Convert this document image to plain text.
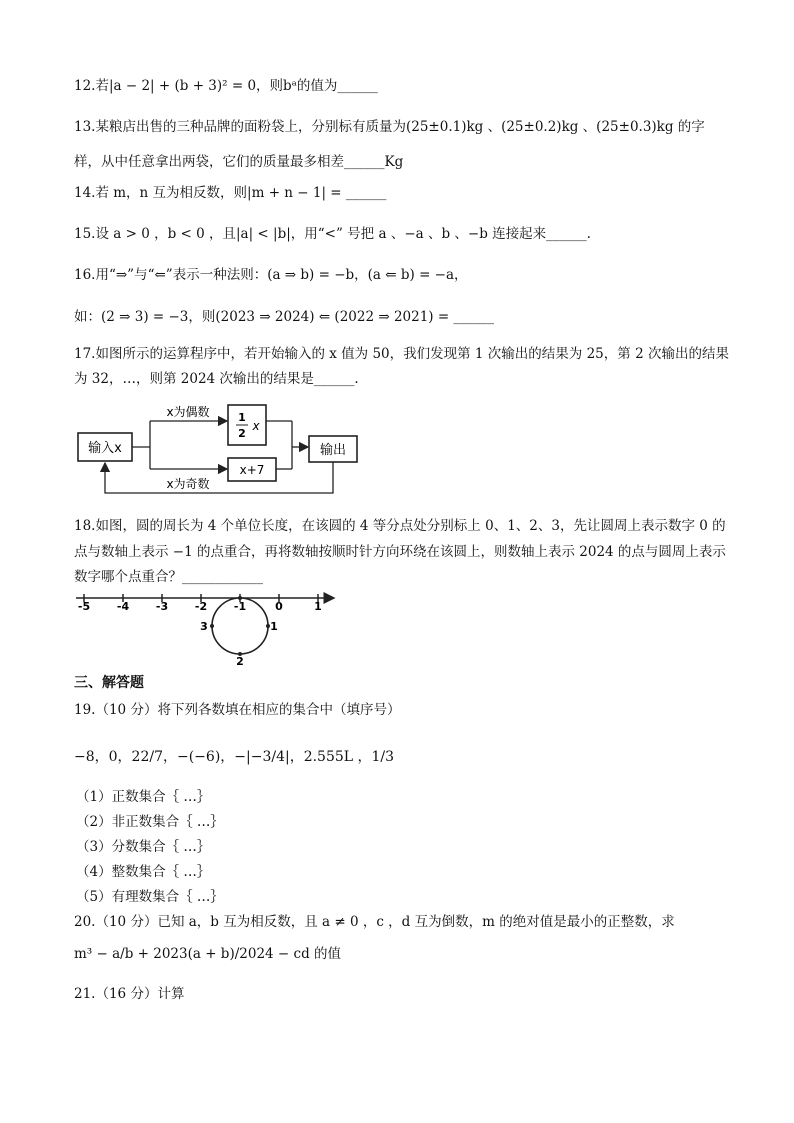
12.若|a − 2| + (b + 3)² = 0，则bᵃ的值为______
13.某粮店出售的三种品牌的面粉袋上，分别标有质量为(25±0.1)kg 、(25±0.2)kg 、(25±0.3)kg 的字
样，从中任意拿出两袋，它们的质量最多相差______Kg
14.若 m，n 互为相反数，则|m + n − 1| = ______
15.设 a > 0 ，b < 0 ，且|a| < |b|，用“<” 号把 a 、−a 、b 、−b 连接起来______.
16.用“⇒”与“⇐”表示一种法则：(a ⇒ b) = −b，(a ⇐ b) = −a，
如：(2 ⇒ 3) = −3，则(2023 ⇒ 2024) ⇐ (2022 ⇒ 2021) = ______
17.如图所示的运算程序中，若开始输入的 x 值为 50，我们发现第 1 次输出的结果为 25，第 2 次输出的结果
为 32，…，则第 2024 次输出的结果是______.
输入x
x为偶数
x为奇数
1
2
x
x+7
输出
18.如图，圆的周长为 4 个单位长度，在该圆的 4 等分点处分别标上 0、1、2、3，先让圆周上表示数字 0 的
点与数轴上表示 −1 的点重合，再将数轴按顺时针方向环绕在该圆上，则数轴上表示 2024 的点与圆周上表示
数字哪个点重合？____________
-5 -4 -3 -2 -1	0	1
3	1
2
三、解答题
19.（10 分）将下列各数填在相应的集合中（填序号）
−8，0，22/7，−(−6)，−|−3/4|，2.555L ，1/3
（1）正数集合｛ …｝
（2）非正数集合｛ …｝
（3）分数集合｛ …｝
（4）整数集合｛ …｝
（5）有理数集合｛ …｝
20.（10 分）已知 a，b 互为相反数，且 a ≠ 0 ，c ，d 互为倒数，m 的绝对值是最小的正整数，求
m³ − a/b + 2023(a + b)/2024 − cd 的值
21.（16 分）计算
